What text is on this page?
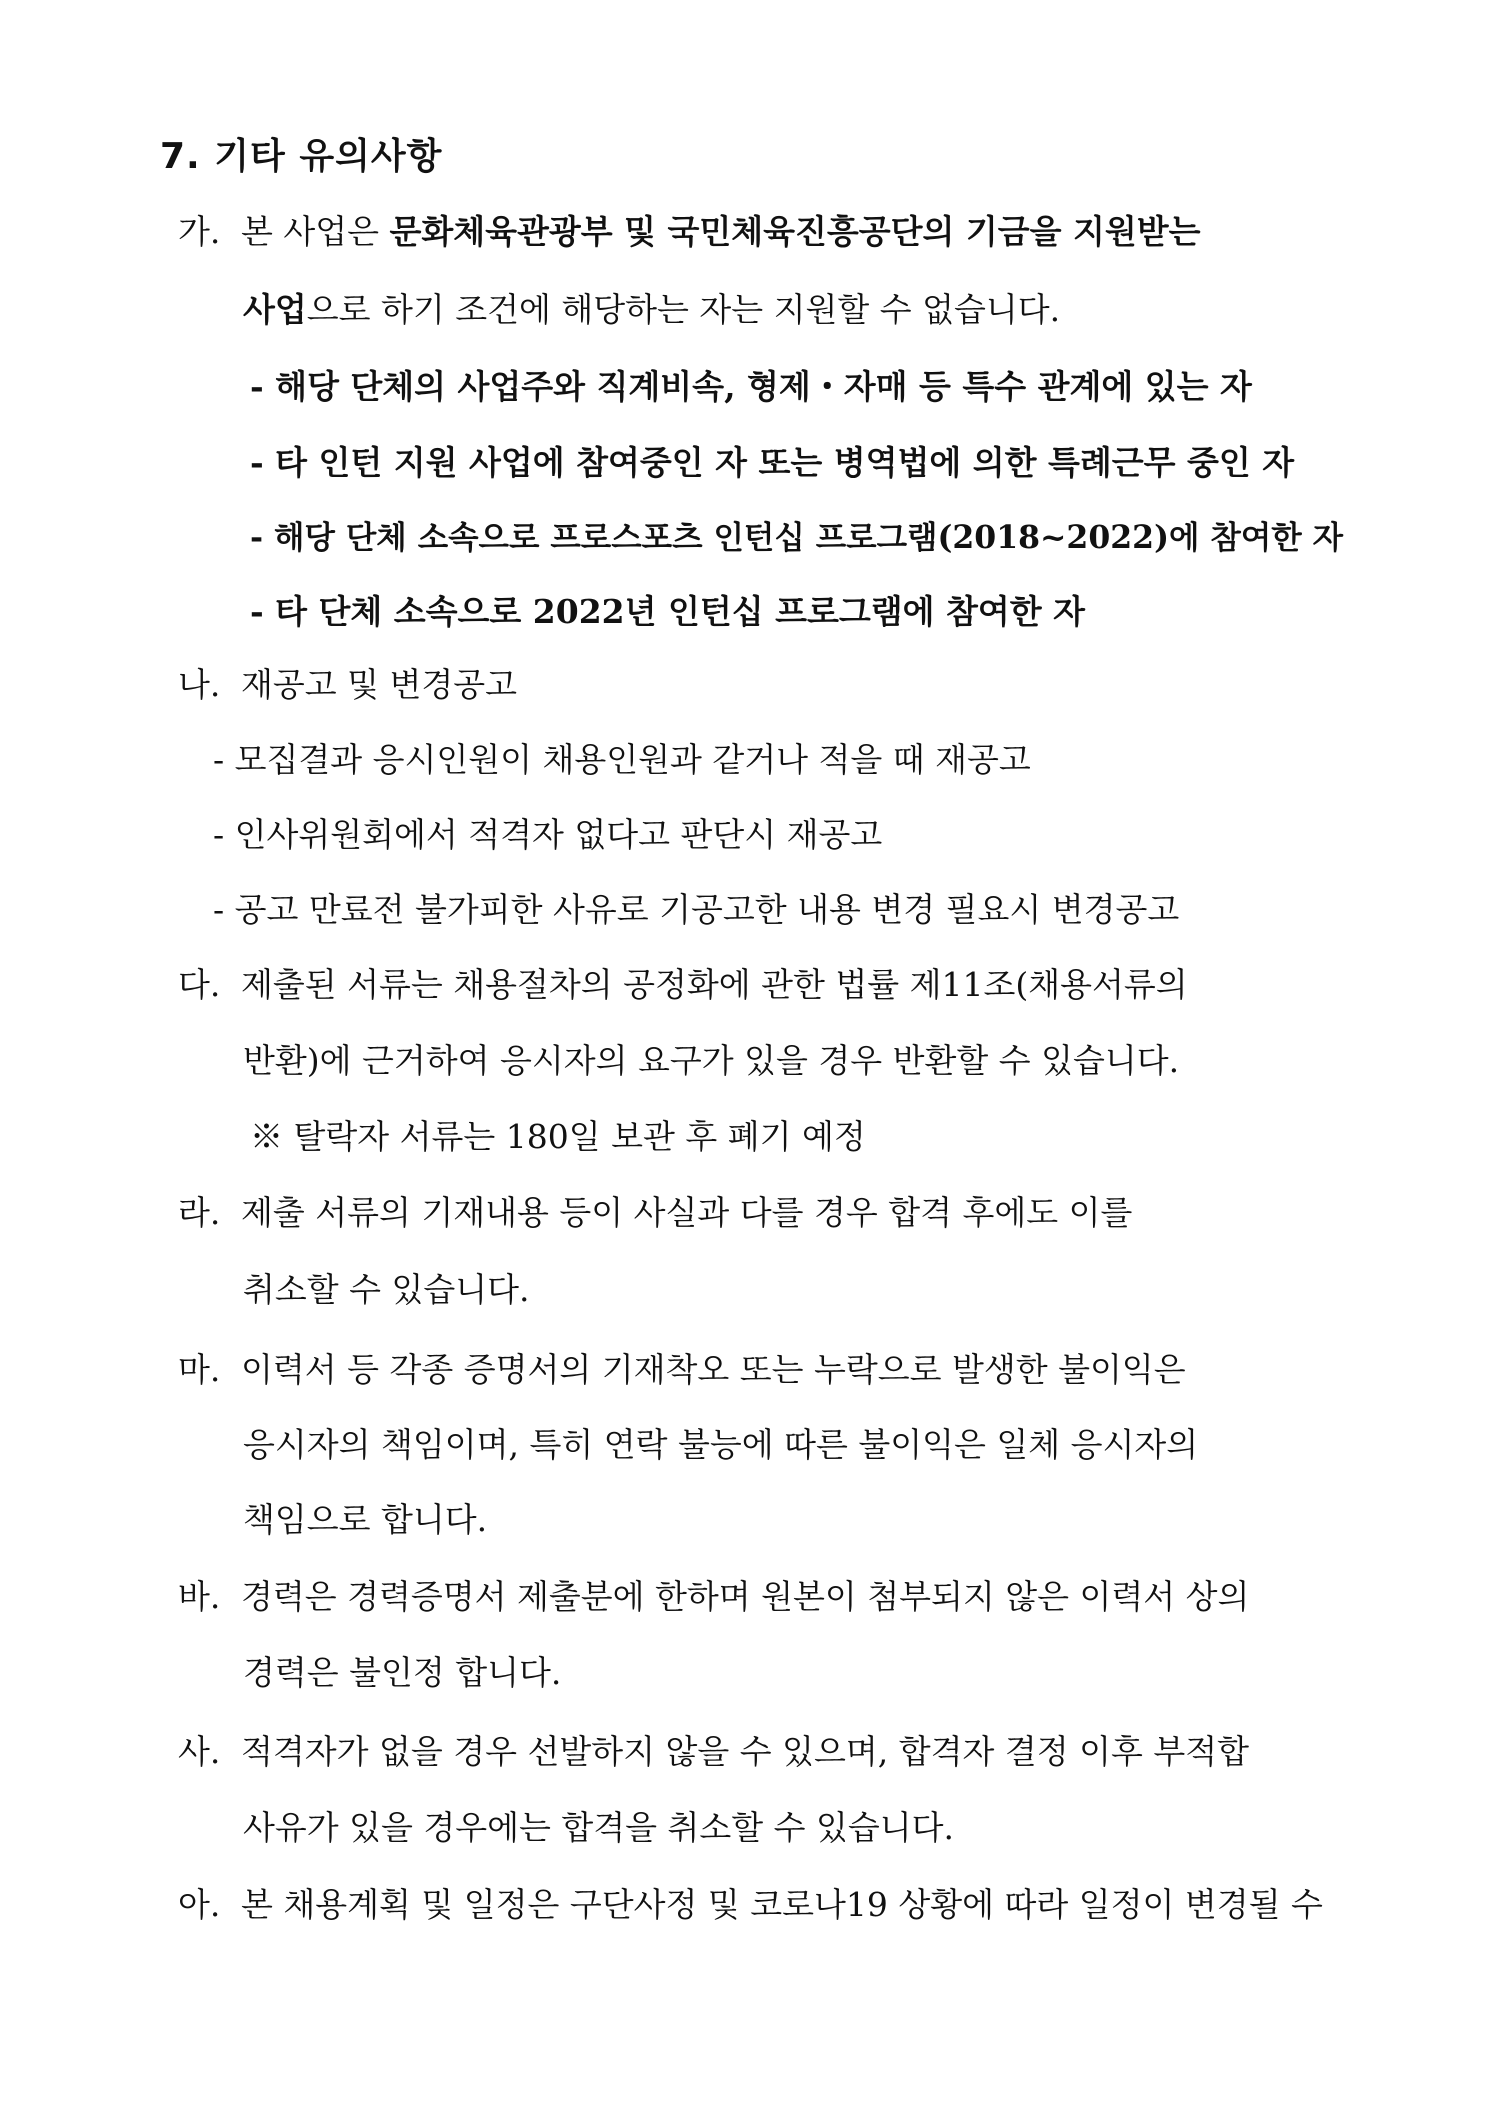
7. 기타 유의사항
가. 본 사업은 문화체육관광부 및 국민체육진흥공단의 기금을 지원받는
사업으로 하기 조건에 해당하는 자는 지원할 수 없습니다.
- 해당 단체의 사업주와 직계비속, 형제・자매 등 특수 관계에 있는 자
- 타 인턴 지원 사업에 참여중인 자 또는 병역법에 의한 특례근무 중인 자
- 해당 단체 소속으로 프로스포츠 인턴십 프로그램(2018~2022)에 참여한 자
- 타 단체 소속으로 2022년 인턴십 프로그램에 참여한 자
나. 재공고 및 변경공고
- 모집결과 응시인원이 채용인원과 같거나 적을 때 재공고
- 인사위원회에서 적격자 없다고 판단시 재공고
- 공고 만료전 불가피한 사유로 기공고한 내용 변경 필요시 변경공고
다. 제출된 서류는 채용절차의 공정화에 관한 법률 제11조(채용서류의
반환)에 근거하여 응시자의 요구가 있을 경우 반환할 수 있습니다.
※ 탈락자 서류는 180일 보관 후 폐기 예정
라. 제출 서류의 기재내용 등이 사실과 다를 경우 합격 후에도 이를
취소할 수 있습니다.
마. 이력서 등 각종 증명서의 기재착오 또는 누락으로 발생한 불이익은
응시자의 책임이며, 특히 연락 불능에 따른 불이익은 일체 응시자의
책임으로 합니다.
바. 경력은 경력증명서 제출분에 한하며 원본이 첨부되지 않은 이력서 상의
경력은 불인정 합니다.
사. 적격자가 없을 경우 선발하지 않을 수 있으며, 합격자 결정 이후 부적합
사유가 있을 경우에는 합격을 취소할 수 있습니다.
아. 본 채용계획 및 일정은 구단사정 및 코로나19 상황에 따라 일정이 변경될 수
